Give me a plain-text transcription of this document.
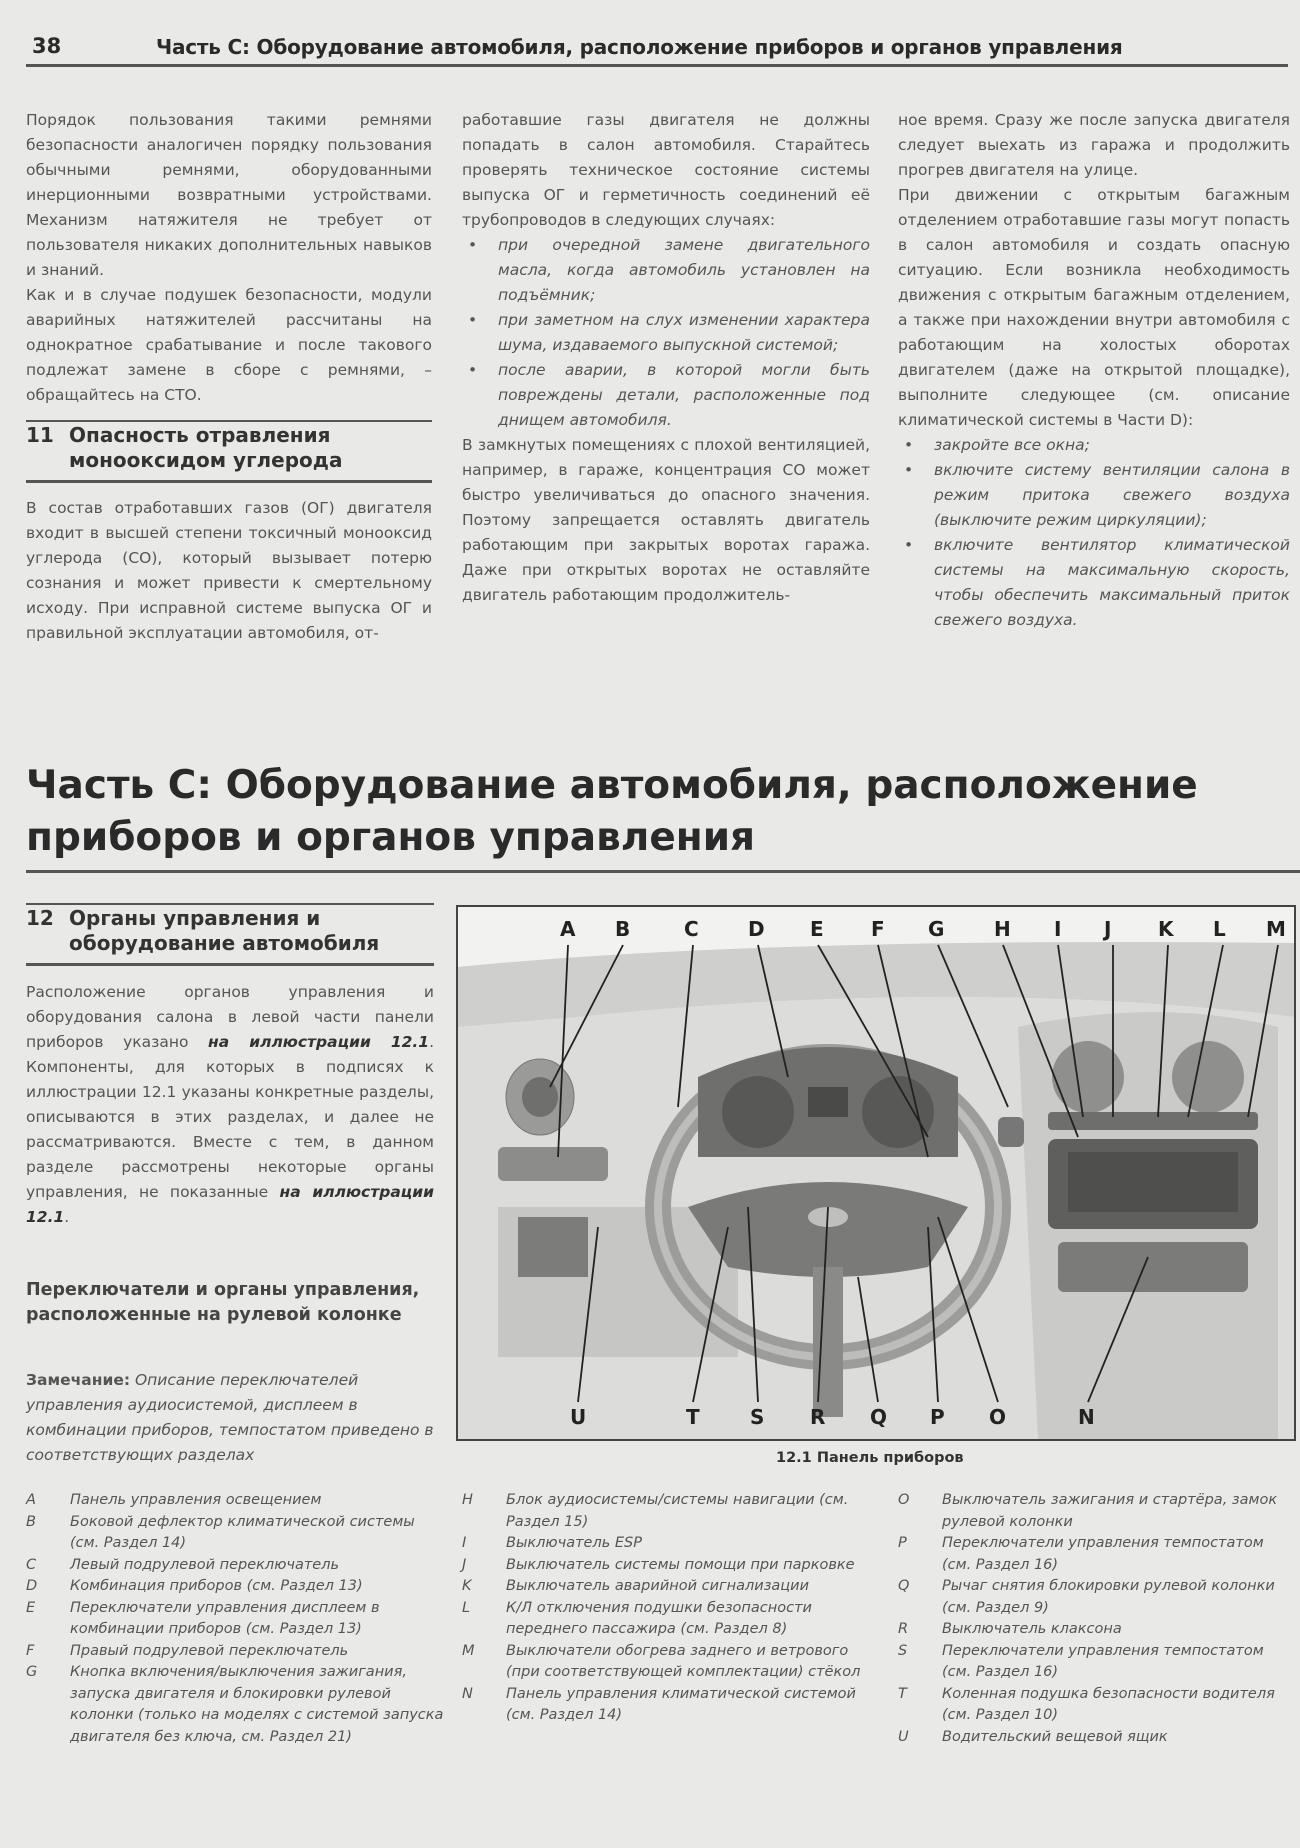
38	Часть С: Оборудование автомобиля, расположение приборов и органов управления

Порядок пользования такими ремнями безопасности аналогичен порядку пользования обычными ремнями, оборудованными инерционными возвратными устройствами. Механизм натяжителя не требует от пользователя никаких дополнительных навыков и знаний.

Как и в случае подушек безопасности, модули аварийных натяжителей рассчитаны на однократное срабатывание и после такового подлежат замене в сборе с ремнями, – обращайтесь на СТО.

11 Опасность отравления монооксидом углерода

В состав отработавших газов (ОГ) двигателя входит в высшей степени токсичный монооксид углерода (СО), который вызывает потерю сознания и может привести к смертельному исходу. При исправной системе выпуска ОГ и правильной эксплуатации автомобиля, от-

работавшие газы двигателя не должны попадать в салон автомобиля. Старайтесь проверять техническое состояние системы выпуска ОГ и герметичность соединений её трубопроводов в следующих случаях:

• при очередной замене двигательного масла, когда автомобиль установлен на подъёмник;
• при заметном на слух изменении характера шума, издаваемого выпускной системой;
• после аварии, в которой могли быть повреждены детали, расположенные под днищем автомобиля.

В замкнутых помещениях с плохой вентиляцией, например, в гараже, концентрация СО может быстро увеличиваться до опасного значения. Поэтому запрещается оставлять двигатель работающим при закрытых воротах гаража. Даже при открытых воротах не оставляйте двигатель работающим продолжитель-

ное время. Сразу же после запуска двигателя следует выехать из гаража и продолжить прогрев двигателя на улице.

При движении с открытым багажным отделением отработавшие газы могут попасть в салон автомобиля и создать опасную ситуацию. Если возникла необходимость движения с открытым багажным отделением, а также при нахождении внутри автомобиля с работающим на холостых оборотах двигателем (даже на открытой площадке), выполните следующее (см. описание климатической системы в Части D):

• закройте все окна;
• включите систему вентиляции салона в режим притока свежего воздуха (выключите режим циркуляции);
• включите вентилятор климатической системы на максимальную скорость, чтобы обеспечить максимальный приток свежего воздуха.
Часть С: Оборудование автомобиля, расположение
приборов и органов управления
12 Органы управления и
оборудование автомобиля

Расположение органов управления и оборудования салона в левой части панели приборов указано на иллюстрации 12.1. Компоненты, для которых в подписях к иллюстрации 12.1 указаны конкретные разделы, описываются в этих разделах, и далее не рассматриваются. Вместе с тем, в данном разделе рассмотрены некоторые органы управления, не показанные на иллюстрации 12.1.

Переключатели и органы управления, расположенные на рулевой колонке
Замечание: Описание переключателей управления аудиосистемой, дисплеем в комбинации приборов, темпостатом приведено в соответствующих разделах
A B	C D E F G H I J K L M
U	T	S R Q P O	N
12.1 Панель приборов
A Панель управления освещением
B Боковой дефлектор климатической системы (см. Раздел 14)
C Левый подрулевой переключатель
D Комбинация приборов (см. Раздел 13)
E Переключатели управления дисплеем в комбинации приборов (см. Раздел 13)
F Правый подрулевой переключатель
G Кнопка включения/выключения зажигания, запуска двигателя и блокировки рулевой колонки (только на моделях с системой запуска двигателя без ключа, см. Раздел 21)
H Блок аудиосистемы/системы навигации (см. Раздел 15)
I	Выключатель ESP
J	Выключатель системы помощи при парковке
K Выключатель аварийной сигнализации
L К/Л отключения подушки безопасности переднего пассажира (см. Раздел 8)
M Выключатели обогрева заднего и ветрового (при соответствующей комплектации) стёкол
N Панель управления климатической системой (см. Раздел 14)
O Выключатель зажигания и стартёра, замок рулевой колонки
P Переключатели управления темпостатом (см. Раздел 16)
Q Рычаг снятия блокировки рулевой колонки (см. Раздел 9)
R Выключатель клаксона
S Переключатели управления темпостатом (см. Раздел 16)
T Коленная подушка безопасности водителя (см. Раздел 10)
U Водительский вещевой ящик
